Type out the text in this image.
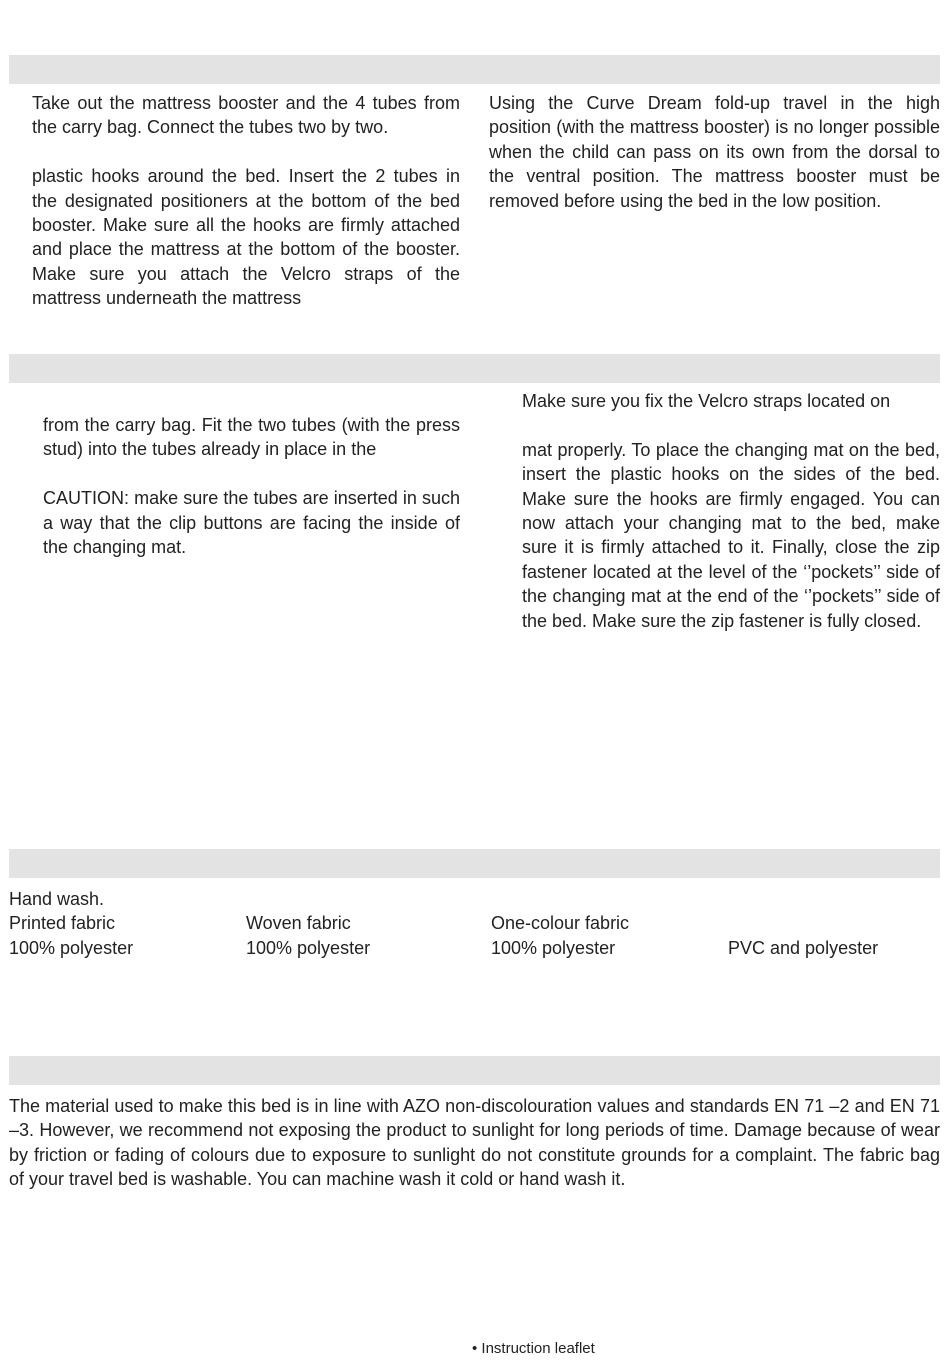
Take out the mattress booster and the 4 tubes from the carry bag. Connect the tubes two by two.

plastic hooks around the bed. Insert the 2 tubes in the designated positioners at the bottom of the bed booster. Make sure all the hooks are firmly attached and place the mattress at the bottom of the booster. Make sure you attach the Velcro straps of the mattress underneath the mattress

Using the Curve Dream fold-up travel in the high position (with the mattress booster) is no longer possible when the child can pass on its own from the dorsal to the ventral position. The mattress booster must be removed before using the bed in the low position.

from the carry bag. Fit the two tubes (with the press stud) into the tubes already in place in the

CAUTION: make sure the tubes are inserted in such a way that the clip buttons are facing the inside of the changing mat.

Make sure you fix the Velcro straps located on

mat properly. To place the changing mat on the bed, insert the plastic hooks on the sides of the bed. Make sure the hooks are firmly engaged. You can now attach your changing mat to the bed, make sure it is firmly attached to it. Finally, close the zip fastener located at the level of the ‘’pockets’’ side of the changing mat at the end of the ‘’pockets’’ side of the bed. Make sure the zip fastener is fully closed.

Hand wash.
Printed fabric
100% polyester
Woven fabric
100% polyester
One-colour fabric
100% polyester	PVC and polyester

The material used to make this bed is in line with AZO non-discolouration values and standards EN 71 –2 and EN 71 –3. However, we recommend not exposing the product to sunlight for long periods of time. Damage because of wear by friction or fading of colours due to exposure to sunlight do not constitute grounds for a complaint. The fabric bag of your travel bed is washable. You can machine wash it cold or hand wash it.

• Instruction leaflet
